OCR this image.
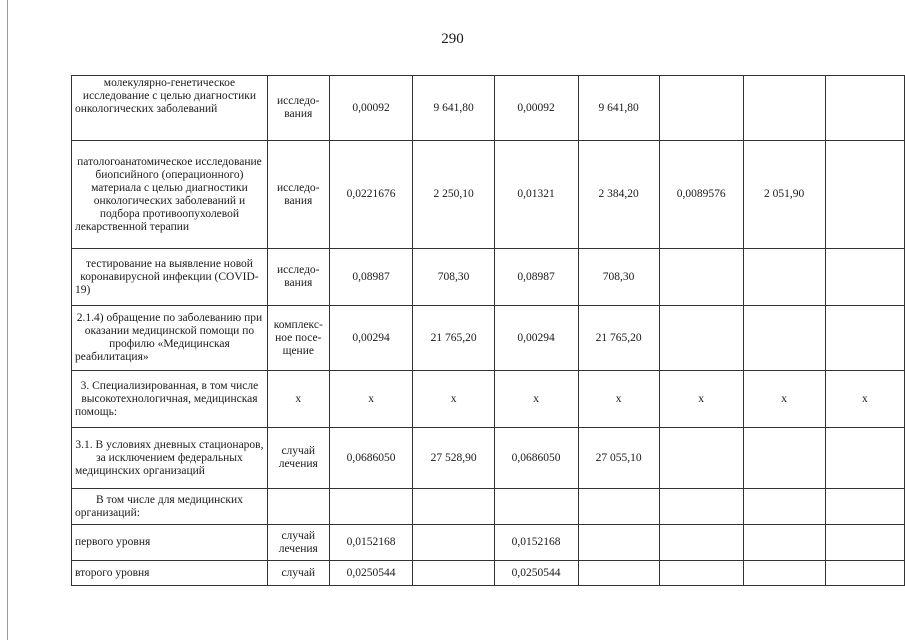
290
молекулярно-генетическое исследование с целью диагностики онкологических заболеваний	исследо-вания	0,00092	9 641,80	0,00092	9 641,80			
патологоанатомическое исследование биопсийного (операционного) материала с целью диагностики онкологических заболеваний и подбора противоопухолевой лекарственной терапии	исследо-вания	0,0221676	2 250,10	0,01321	2 384,20	0,0089576	2 051,90	
тестирование на выявление новой коронавирусной инфекции (COVID-19)	исследо-вания	0,08987	708,30	0,08987	708,30			
2.1.4) обращение по заболеванию при оказании медицинской помощи по профилю «Медицинская реабилитация»	комплекс-ное посе-щение	0,00294	21 765,20	0,00294	21 765,20			
3. Специализированная, в том числе высокотехнологичная, медицинская помощь:	х	х	х	х	х	х	х	х
3.1. В условиях дневных стационаров, за исключением федеральных медицинских организаций	случай лечения	0,0686050	27 528,90	0,0686050	27 055,10			
В том числе для медицинских организаций:								
первого уровня	случай лечения	0,0152168		0,0152168				
второго уровня	случай	0,0250544		0,0250544				
